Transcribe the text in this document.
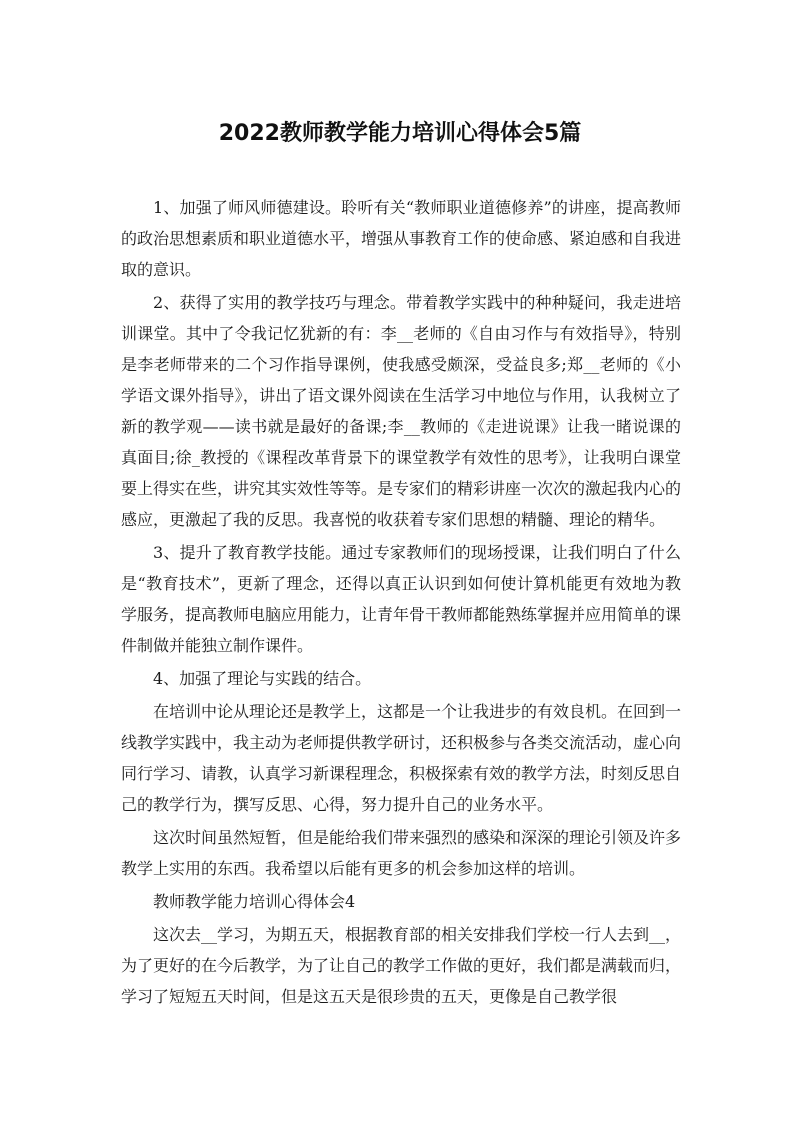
2022教师教学能力培训心得体会5篇

1、加强了师风师德建设。聆听有关“教师职业道德修养”的讲座，提高教师的政治思想素质和职业道德水平，增强从事教育工作的使命感、紧迫感和自我进取的意识。

2、获得了实用的教学技巧与理念。带着教学实践中的种种疑问，我走进培训课堂。其中了令我记忆犹新的有：李__老师的《自由习作与有效指导》，特别是李老师带来的二个习作指导课例，使我感受颇深，受益良多;郑__老师的《小学语文课外指导》，讲出了语文课外阅读在生活学习中地位与作用，认我树立了新的教学观——读书就是最好的备课;李__教师的《走进说课》让我一睹说课的真面目;徐_教授的《课程改革背景下的课堂教学有效性的思考》，让我明白课堂要上得实在些，讲究其实效性等等。是专家们的精彩讲座一次次的激起我内心的感应，更激起了我的反思。我喜悦的收获着专家们思想的精髓、理论的精华。

3、提升了教育教学技能。通过专家教师们的现场授课，让我们明白了什么是“教育技术”，更新了理念，还得以真正认识到如何使计算机能更有效地为教学服务，提高教师电脑应用能力，让青年骨干教师都能熟练掌握并应用简单的课件制做并能独立制作课件。

4、加强了理论与实践的结合。

在培训中论从理论还是教学上，这都是一个让我进步的有效良机。在回到一线教学实践中，我主动为老师提供教学研讨，还积极参与各类交流活动，虚心向同行学习、请教，认真学习新课程理念，积极探索有效的教学方法，时刻反思自己的教学行为，撰写反思、心得，努力提升自己的业务水平。

这次时间虽然短暂，但是能给我们带来强烈的感染和深深的理论引领及许多教学上实用的东西。我希望以后能有更多的机会参加这样的培训。

教师教学能力培训心得体会4

这次去__学习，为期五天，根据教育部的相关安排我们学校一行人去到__，为了更好的在今后教学，为了让自己的教学工作做的更好，我们都是满载而归，学习了短短五天时间，但是这五天是很珍贵的五天，更像是自己教学很
